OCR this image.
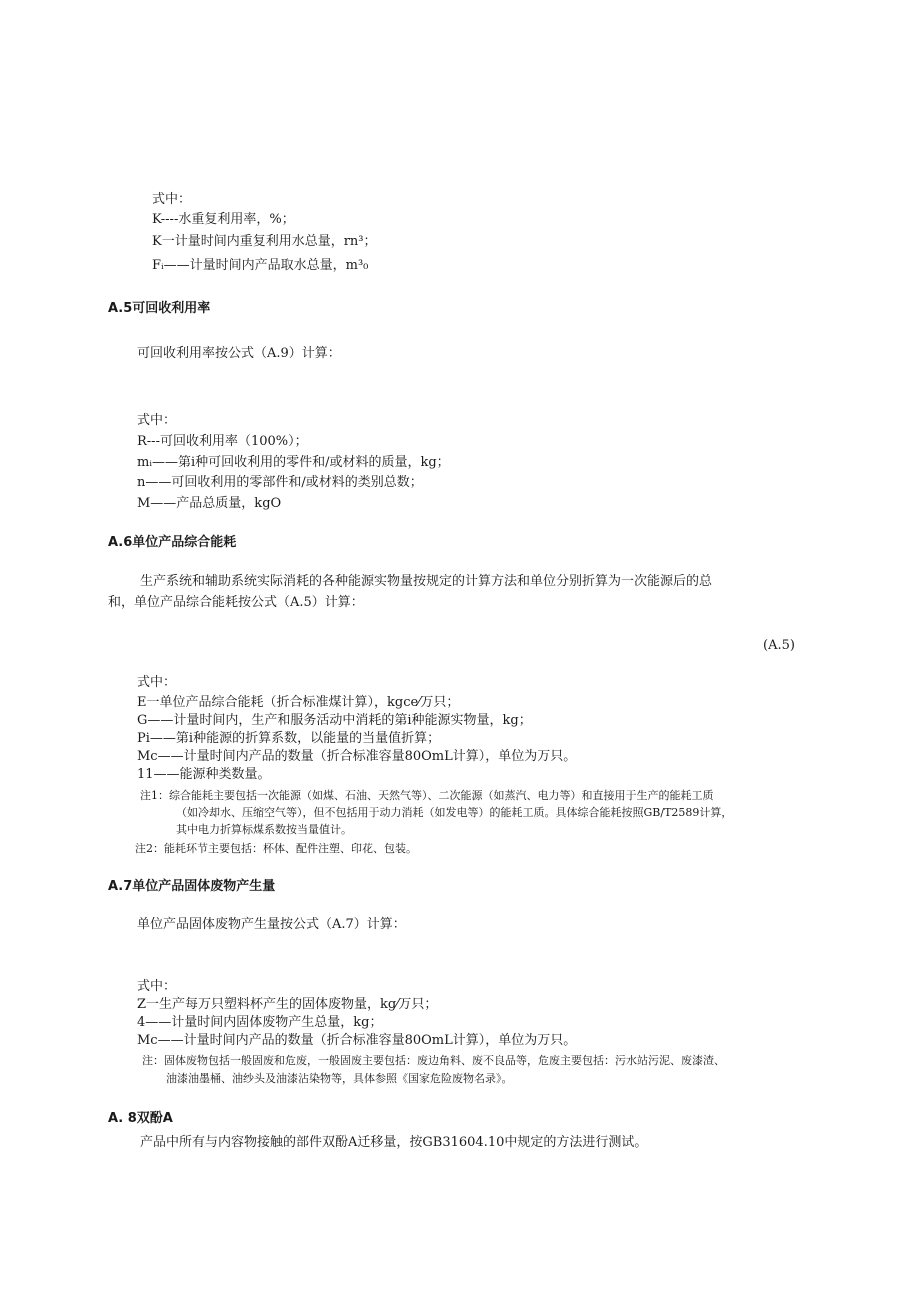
式中：
K----水重复利用率，%；
K一计量时间内重复利用水总量，rn³；
Fᵢ——计量时间内产品取水总量，m³₀
A.5可回收利用率
可回收利用率按公式（A.9）计算：
式中：
R---可回收利用率（100%）；
mᵢ——第i种可回收利用的零件和/或材料的质量，kg；
n——可回收利用的零部件和/或材料的类别总数；
M——产品总质量，kgO
A.6单位产品综合能耗
生产系统和辅助系统实际消耗的各种能源实物量按规定的计算方法和单位分别折算为一次能源后的总
和，单位产品综合能耗按公式（A.5）计算：
(A.5)
式中：
E一单位产品综合能耗（折合标准煤计算），kgce⁄万只；
G——计量时间内，生产和服务活动中消耗的第i种能源实物量，kg；
Pi——第i种能源的折算系数，以能量的当量值折算；
Mc——计量时间内产品的数量（折合标准容量80OmL计算），单位为万只。
11——能源种类数量。
注1：综合能耗主要包括一次能源（如煤、石油、天然气等）、二次能源（如蒸汽、电力等）和直接用于生产的能耗工质
（如冷却水、压缩空气等），但不包括用于动力消耗（如发电等）的能耗工质。具体综合能耗按照GB/T2589计算，
其中电力折算标煤系数按当量值计。
注2：能耗环节主要包括：杯体、配件注塑、印花、包装。
A.7单位产品固体废物产生量
单位产品固体废物产生量按公式（A.7）计算：
式中：
Z一生产每万只塑料杯产生的固体废物量，kg⁄万只；
4——计量时间内固体废物产生总量，kg；
Mc——计量时间内产品的数量（折合标准容量80OmL计算），单位为万只。
注：固体废物包括一般固废和危废，一般固废主要包括：废边角料、废不良品等，危废主要包括：污水站污泥、废漆渣、
油漆油墨桶、油纱头及油漆沾染物等，具体参照《国家危险废物名录》。
A. 8双酚A
产品中所有与内容物接触的部件双酚A迁移量，按GB31604.10中规定的方法进行测试。
